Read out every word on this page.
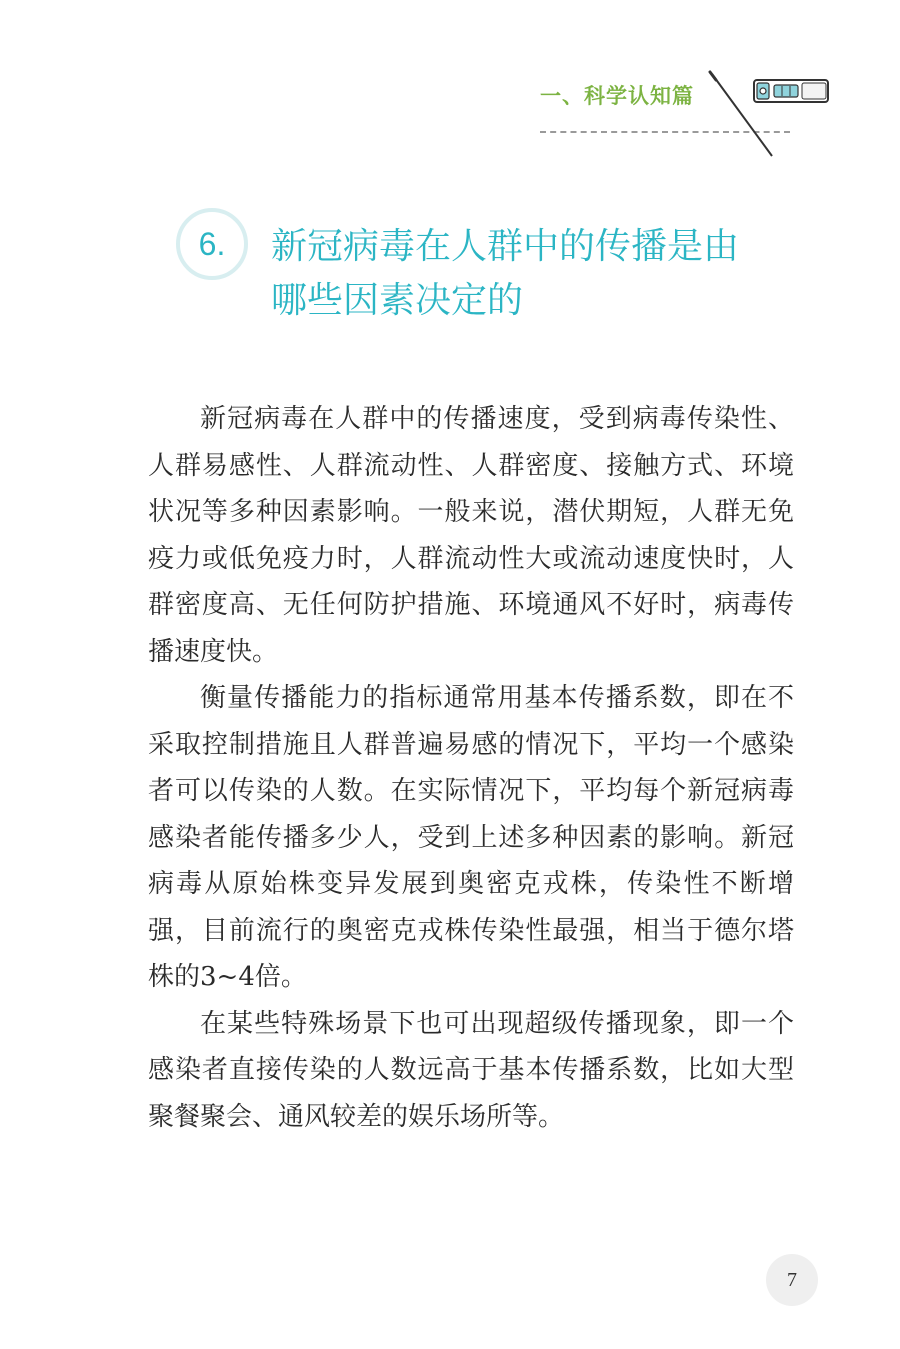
一、科学认知篇
6.	新冠病毒在人群中的传播是由哪些因素决定的

新冠病毒在人群中的传播速度，受到病毒传染性、人群易感性、人群流动性、人群密度、接触方式、环境状况等多种因素影响。一般来说，潜伏期短，人群无免疫力或低免疫力时，人群流动性大或流动速度快时，人群密度高、无任何防护措施、环境通风不好时，病毒传播速度快。

衡量传播能力的指标通常用基本传播系数，即在不采取控制措施且人群普遍易感的情况下，平均一个感染者可以传染的人数。在实际情况下，平均每个新冠病毒感染者能传播多少人，受到上述多种因素的影响。新冠病毒从原始株变异发展到奥密克戎株，传染性不断增强，目前流行的奥密克戎株传染性最强，相当于德尔塔株的3~4倍。

在某些特殊场景下也可出现超级传播现象，即一个感染者直接传染的人数远高于基本传播系数，比如大型聚餐聚会、通风较差的娱乐场所等。

7
